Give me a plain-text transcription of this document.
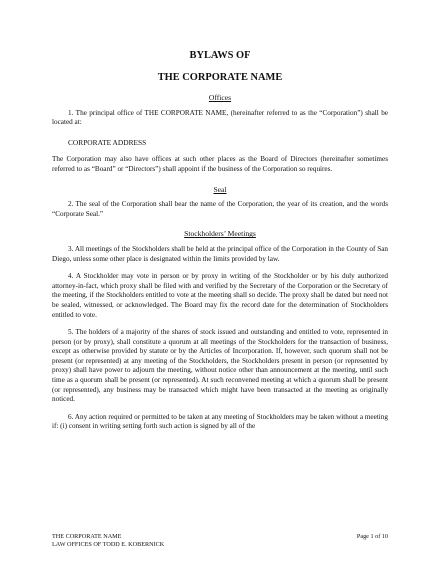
BYLAWS OF

THE CORPORATE NAME

Offices

1. The principal office of THE CORPORATE NAME, (hereinafter referred to as the “Corporation”) shall be located at:

CORPORATE ADDRESS

The Corporation may also have offices at such other places as the Board of Directors (hereinafter sometimes referred to as “Board” or “Directors”) shall appoint if the business of the Corporation so requires.

Seal

2. The seal of the Corporation shall bear the name of the Corporation, the year of its creation, and the words “Corporate Seal.”

Stockholders’ Meetings

3. All meetings of the Stockholders shall be held at the principal office of the Corporation in the County of San Diego, unless some other place is designated within the limits provided by law.

4. A Stockholder may vote in person or by proxy in writing of the Stockholder or by his duly authorized attorney-in-fact, which proxy shall be filed with and verified by the Secretary of the Corporation or the Secretary of the meeting, if the Stockholders entitled to vote at the meeting shall so decide. The proxy shall be dated but need not be sealed, witnessed, or acknowledged. The Board may fix the record date for the determination of Stockholders entitled to vote.

5. The holders of a majority of the shares of stock issued and outstanding and entitled to vote, represented in person (or by proxy), shall constitute a quorum at all meetings of the Stockholders for the transaction of business, except as otherwise provided by statute or by the Articles of Incorporation. If, however, such quorum shall not be present (or represented) at any meeting of the Stockholders, the Stockholders present in person (or represented by proxy) shall have power to adjourn the meeting, without notice other than announcement at the meeting, until such time as a quorum shall be present (or represented). At such reconvened meeting at which a quorum shall be present (or represented), any business may be transacted which might have been transacted at the meeting as originally noticed.

6. Any action required or permitted to be taken at any meeting of Stockholders may be taken without a meeting if: (i) consent in writing setting forth such action is signed by all of the

THE CORPORATE NAME
LAW OFFICES OF TODD E. KOBERNICK
Page 1 of 10
